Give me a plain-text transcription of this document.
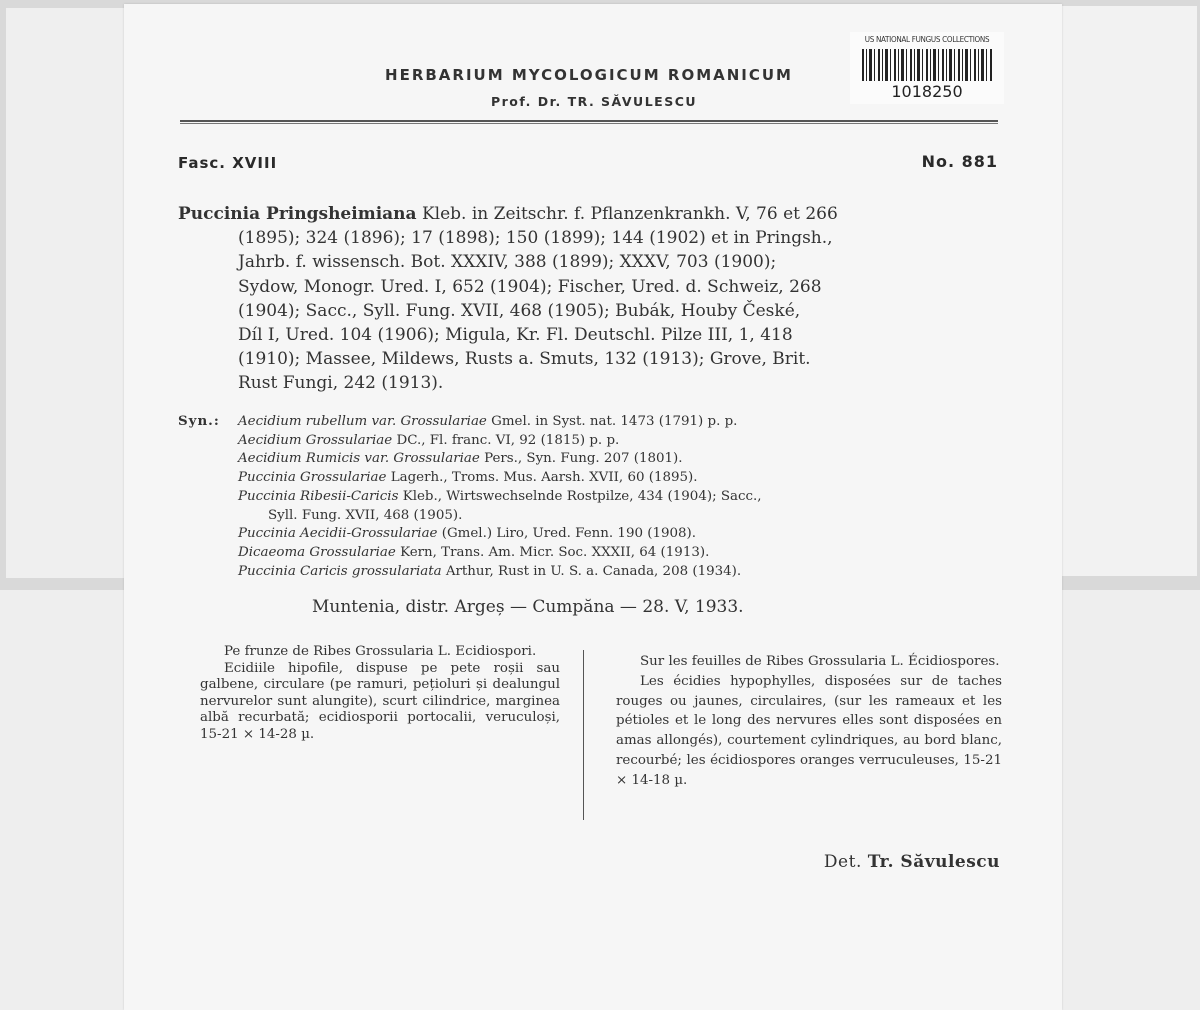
HERBARIUM MYCOLOGICUM ROMANICUM
Prof. Dr. TR. SĂVULESCU
US NATIONAL FUNGUS COLLECTIONS
1018250
Fasc. XVIII	No. 881
Puccinia Pringsheimiana Kleb. in Zeitschr. f. Pflanzenkrankh. V, 76 et 266
(1895); 324 (1896); 17 (1898); 150 (1899); 144 (1902) et in Pringsh.,
Jahrb. f. wissensch. Bot. XXXIV, 388 (1899); XXXV, 703 (1900);
Sydow, Monogr. Ured. I, 652 (1904); Fischer, Ured. d. Schweiz, 268
(1904); Sacc., Syll. Fung. XVII, 468 (1905); Bubák, Houby České,
Díl I, Ured. 104 (1906); Migula, Kr. Fl. Deutschl. Pilze III, 1, 418
(1910); Massee, Mildews, Rusts a. Smuts, 132 (1913); Grove, Brit.
Rust Fungi, 242 (1913).
Syn.: Aecidium rubellum var. Grossulariae Gmel. in Syst. nat. 1473 (1791) p. p.
Aecidium Grossulariae DC., Fl. franc. VI, 92 (1815) p. p.
Aecidium Rumicis var. Grossulariae Pers., Syn. Fung. 207 (1801).
Puccinia Grossulariae Lagerh., Troms. Mus. Aarsh. XVII, 60 (1895).
Puccinia Ribesii-Caricis Kleb., Wirtswechselnde Rostpilze, 434 (1904); Sacc.,
Syll. Fung. XVII, 468 (1905).
Puccinia Aecidii-Grossulariae (Gmel.) Liro, Ured. Fenn. 190 (1908).
Dicaeoma Grossulariae Kern, Trans. Am. Micr. Soc. XXXII, 64 (1913).
Puccinia Caricis grossulariata Arthur, Rust in U. S. a. Canada, 208 (1934).
Muntenia, distr. Argeș — Cumpăna — 28. V, 1933.

Pe frunze de Ribes Grossularia L. Ecidiospori.

Ecidiile hipofile, dispuse pe pete roșii sau galbene, circulare (pe ramuri, pețioluri și dealungul nervurelor sunt alungite), scurt cilindrice, marginea albă recurbată; ecidiosporii portocalii, veruculoși, 15-21 × 14-28 µ.

Sur les feuilles de Ribes Grossularia L. Écidiospores.

Les écidies hypophylles, disposées sur de taches rouges ou jaunes, circulaires, (sur les rameaux et les pétioles et le long des nervures elles sont disposées en amas allongés), courtement cylindriques, au bord blanc, recourbé; les écidiospores oranges verruculeuses, 15-21 × 14-18 µ.

Det. Tr. Săvulescu
